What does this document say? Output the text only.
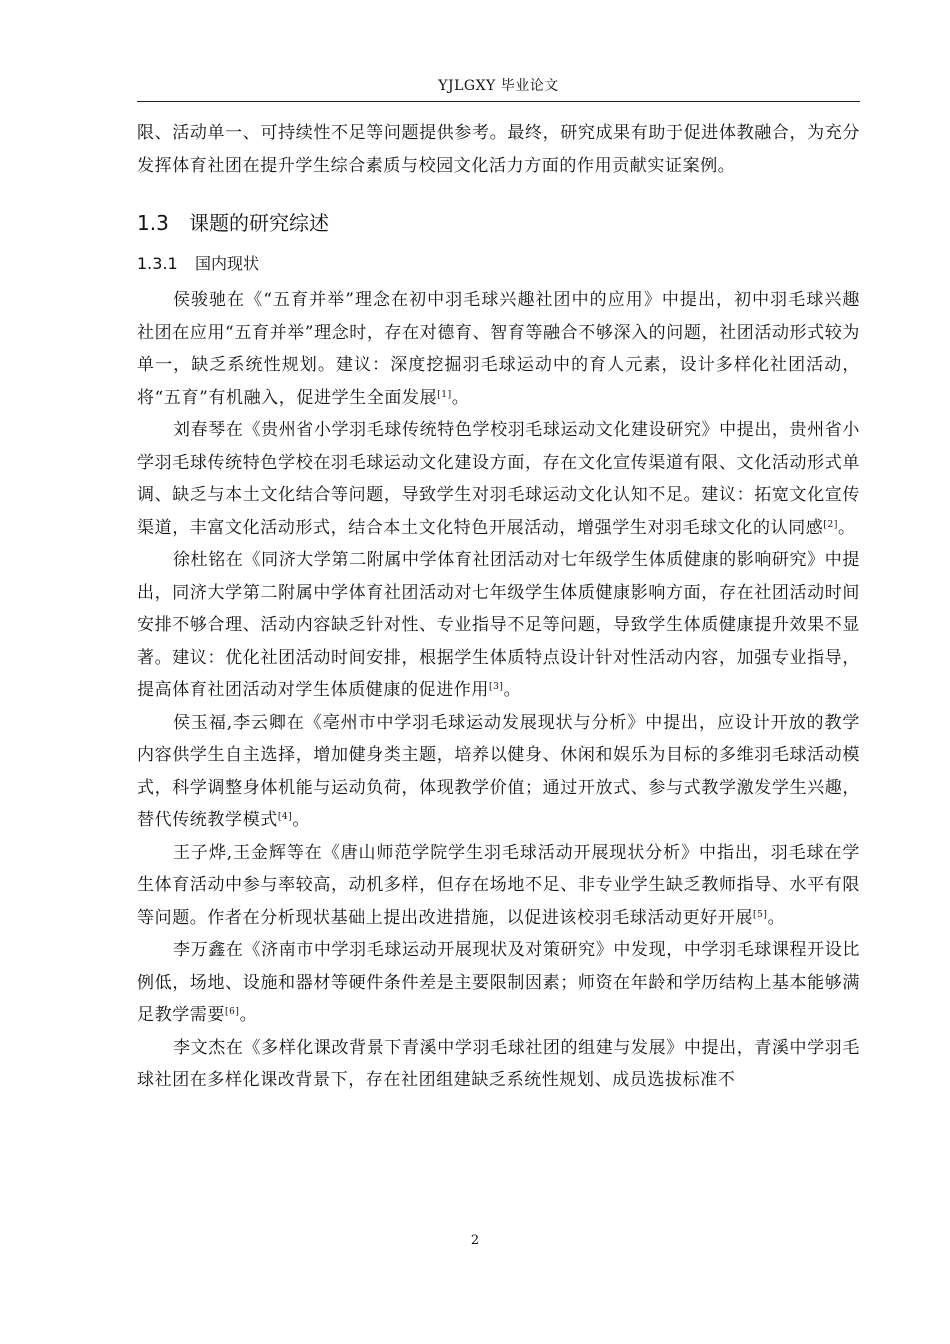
YJLGXY 毕业论文

限、活动单一、可持续性不足等问题提供参考。最终，研究成果有助于促进体教融合，为充分发挥体育社团在提升学生综合素质与校园文化活力方面的作用贡献实证案例。

1.3 课题的研究综述
1.3.1 国内现状

侯骏驰在《“五育并举”理念在初中羽毛球兴趣社团中的应用》中提出，初中羽毛球兴趣社团在应用“五育并举”理念时，存在对德育、智育等融合不够深入的问题，社团活动形式较为单一，缺乏系统性规划。建议：深度挖掘羽毛球运动中的育人元素，设计多样化社团活动，将“五育”有机融入，促进学生全面发展[1]。

刘春琴在《贵州省小学羽毛球传统特色学校羽毛球运动文化建设研究》中提出，贵州省小学羽毛球传统特色学校在羽毛球运动文化建设方面，存在文化宣传渠道有限、文化活动形式单调、缺乏与本土文化结合等问题，导致学生对羽毛球运动文化认知不足。建议：拓宽文化宣传渠道，丰富文化活动形式，结合本土文化特色开展活动，增强学生对羽毛球文化的认同感[2]。

徐杜铭在《同济大学第二附属中学体育社团活动对七年级学生体质健康的影响研究》中提出，同济大学第二附属中学体育社团活动对七年级学生体质健康影响方面，存在社团活动时间安排不够合理、活动内容缺乏针对性、专业指导不足等问题，导致学生体质健康提升效果不显著。建议：优化社团活动时间安排，根据学生体质特点设计针对性活动内容，加强专业指导，提高体育社团活动对学生体质健康的促进作用[3]。

侯玉福,李云卿在《亳州市中学羽毛球运动发展现状与分析》中提出，应设计开放的教学内容供学生自主选择，增加健身类主题，培养以健身、休闲和娱乐为目标的多维羽毛球活动模式，科学调整身体机能与运动负荷，体现教学价值；通过开放式、参与式教学激发学生兴趣，替代传统教学模式[4]。

王子烨,王金辉等在《唐山师范学院学生羽毛球活动开展现状分析》中指出，羽毛球在学生体育活动中参与率较高，动机多样，但存在场地不足、非专业学生缺乏教师指导、水平有限等问题。作者在分析现状基础上提出改进措施，以促进该校羽毛球活动更好开展[5]。

李万鑫在《济南市中学羽毛球运动开展现状及对策研究》中发现，中学羽毛球课程开设比例低，场地、设施和器材等硬件条件差是主要限制因素；师资在年龄和学历结构上基本能够满足教学需要[6]。

李文杰在《多样化课改背景下青溪中学羽毛球社团的组建与发展》中提出，青溪中学羽毛球社团在多样化课改背景下，存在社团组建缺乏系统性规划、成员选拔标准不

2
